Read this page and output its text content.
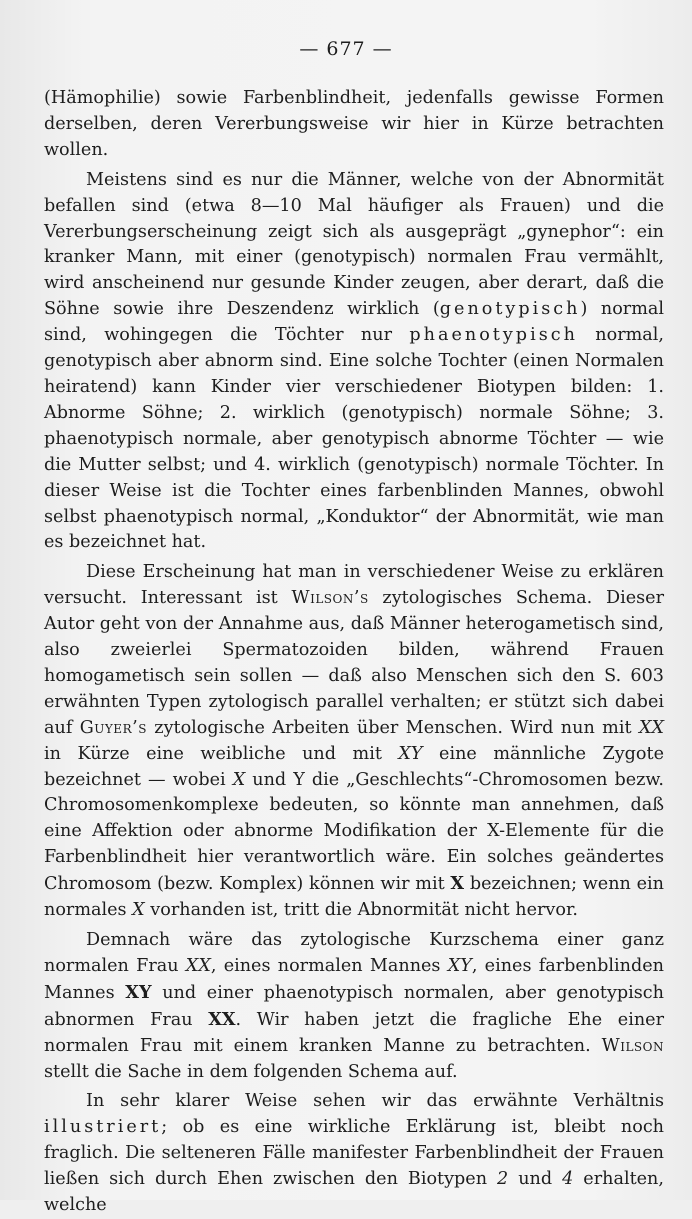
— 677 —

(Hämophilie) sowie Farbenblindheit, jedenfalls gewisse Formen derselben, deren Vererbungsweise wir hier in Kürze betrachten wollen.

Meistens sind es nur die Männer, welche von der Abnormität befallen sind (etwa 8—10 Mal häufiger als Frauen) und die Vererbungserscheinung zeigt sich als ausgeprägt „gynephor“: ein kranker Mann, mit einer (genotypisch) normalen Frau vermählt, wird anscheinend nur gesunde Kinder zeugen, aber derart, daß die Söhne sowie ihre Deszendenz wirklich (genotypisch) normal sind, wohingegen die Töchter nur phaenotypisch normal, genotypisch aber abnorm sind. Eine solche Tochter (einen Normalen heiratend) kann Kinder vier verschiedener Biotypen bilden: 1. Abnorme Söhne; 2. wirklich (genotypisch) normale Söhne; 3. phaenotypisch normale, aber genotypisch abnorme Töchter — wie die Mutter selbst; und 4. wirklich (genotypisch) normale Töchter. In dieser Weise ist die Tochter eines farbenblinden Mannes, obwohl selbst phaenotypisch normal, „Konduktor“ der Abnormität, wie man es bezeichnet hat.

Diese Erscheinung hat man in verschiedener Weise zu erklären versucht. Interessant ist Wilson’s zytologisches Schema. Dieser Autor geht von der Annahme aus, daß Männer heterogametisch sind, also zweierlei Spermatozoiden bilden, während Frauen homogametisch sein sollen — daß also Menschen sich den S. 603 erwähnten Typen zytologisch parallel verhalten; er stützt sich dabei auf Guyer’s zytologische Arbeiten über Menschen. Wird nun mit XX in Kürze eine weibliche und mit XY eine männliche Zygote bezeichnet — wobei X und Y die „Geschlechts“-Chromosomen bezw. Chromosomenkomplexe bedeuten, so könnte man annehmen, daß eine Affektion oder abnorme Modifikation der X-Elemente für die Farbenblindheit hier verantwortlich wäre. Ein solches geändertes Chromosom (bezw. Komplex) können wir mit X bezeichnen; wenn ein normales X vorhanden ist, tritt die Abnormität nicht hervor.

Demnach wäre das zytologische Kurzschema einer ganz normalen Frau XX, eines normalen Mannes XY, eines farbenblinden Mannes XY und einer phaenotypisch normalen, aber genotypisch abnormen Frau XX. Wir haben jetzt die fragliche Ehe einer normalen Frau mit einem kranken Manne zu betrachten. Wilson stellt die Sache in dem folgenden Schema auf.

In sehr klarer Weise sehen wir das erwähnte Verhältnis illustriert; ob es eine wirkliche Erklärung ist, bleibt noch fraglich. Die selteneren Fälle manifester Farbenblindheit der Frauen ließen sich durch Ehen zwischen den Biotypen 2 und 4 erhalten, welche
